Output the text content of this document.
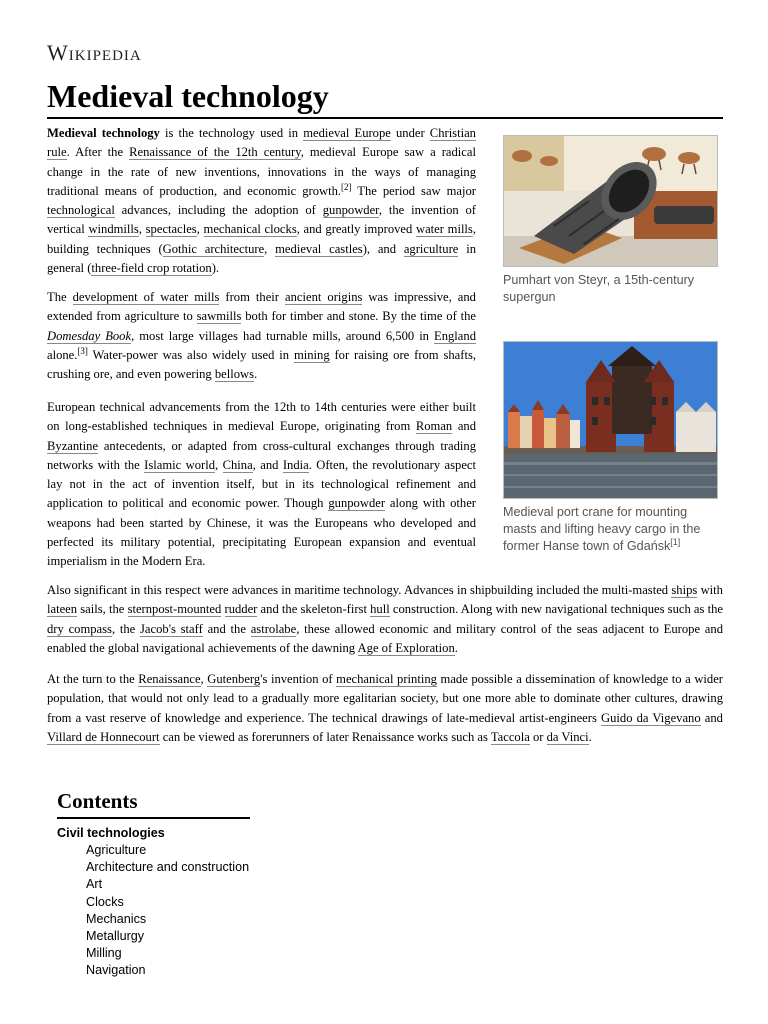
Wikipedia
Medieval technology
Medieval technology is the technology used in medieval Europe under Christian rule. After the Renaissance of the 12th century, medieval Europe saw a radical change in the rate of new inventions, innovations in the ways of managing traditional means of production, and economic growth.[2] The period saw major technological advances, including the adoption of gunpowder, the invention of vertical windmills, spectacles, mechanical clocks, and greatly improved water mills, building techniques (Gothic architecture, medieval castles), and agriculture in general (three-field crop rotation).
The development of water mills from their ancient origins was impressive, and extended from agriculture to sawmills both for timber and stone. By the time of the Domesday Book, most large villages had turnable mills, around 6,500 in England alone.[3] Water-power was also widely used in mining for raising ore from shafts, crushing ore, and even powering bellows.
European technical advancements from the 12th to 14th centuries were either built on long-established techniques in medieval Europe, originating from Roman and Byzantine antecedents, or adapted from cross-cultural exchanges through trading networks with the Islamic world, China, and India. Often, the revolutionary aspect lay not in the act of invention itself, but in its technological refinement and application to political and economic power. Though gunpowder along with other weapons had been started by Chinese, it was the Europeans who developed and perfected its military potential, precipitating European expansion and eventual imperialism in the Modern Era.
Also significant in this respect were advances in maritime technology. Advances in shipbuilding included the multi-masted ships with lateen sails, the sternpost-mounted rudder and the skeleton-first hull construction. Along with new navigational techniques such as the dry compass, the Jacob's staff and the astrolabe, these allowed economic and military control of the seas adjacent to Europe and enabled the global navigational achievements of the dawning Age of Exploration.
At the turn to the Renaissance, Gutenberg's invention of mechanical printing made possible a dissemination of knowledge to a wider population, that would not only lead to a gradually more egalitarian society, but one more able to dominate other cultures, drawing from a vast reserve of knowledge and experience. The technical drawings of late-medieval artist-engineers Guido da Vigevano and Villard de Honnecourt can be viewed as forerunners of later Renaissance works such as Taccola or da Vinci.
Pumhart von Steyr, a 15th-century supergun
Medieval port crane for mounting masts and lifting heavy cargo in the former Hanse town of Gdańsk[1]
Contents
Civil technologies
Agriculture
Architecture and construction
Art
Clocks
Mechanics
Metallurgy
Milling
Navigation
